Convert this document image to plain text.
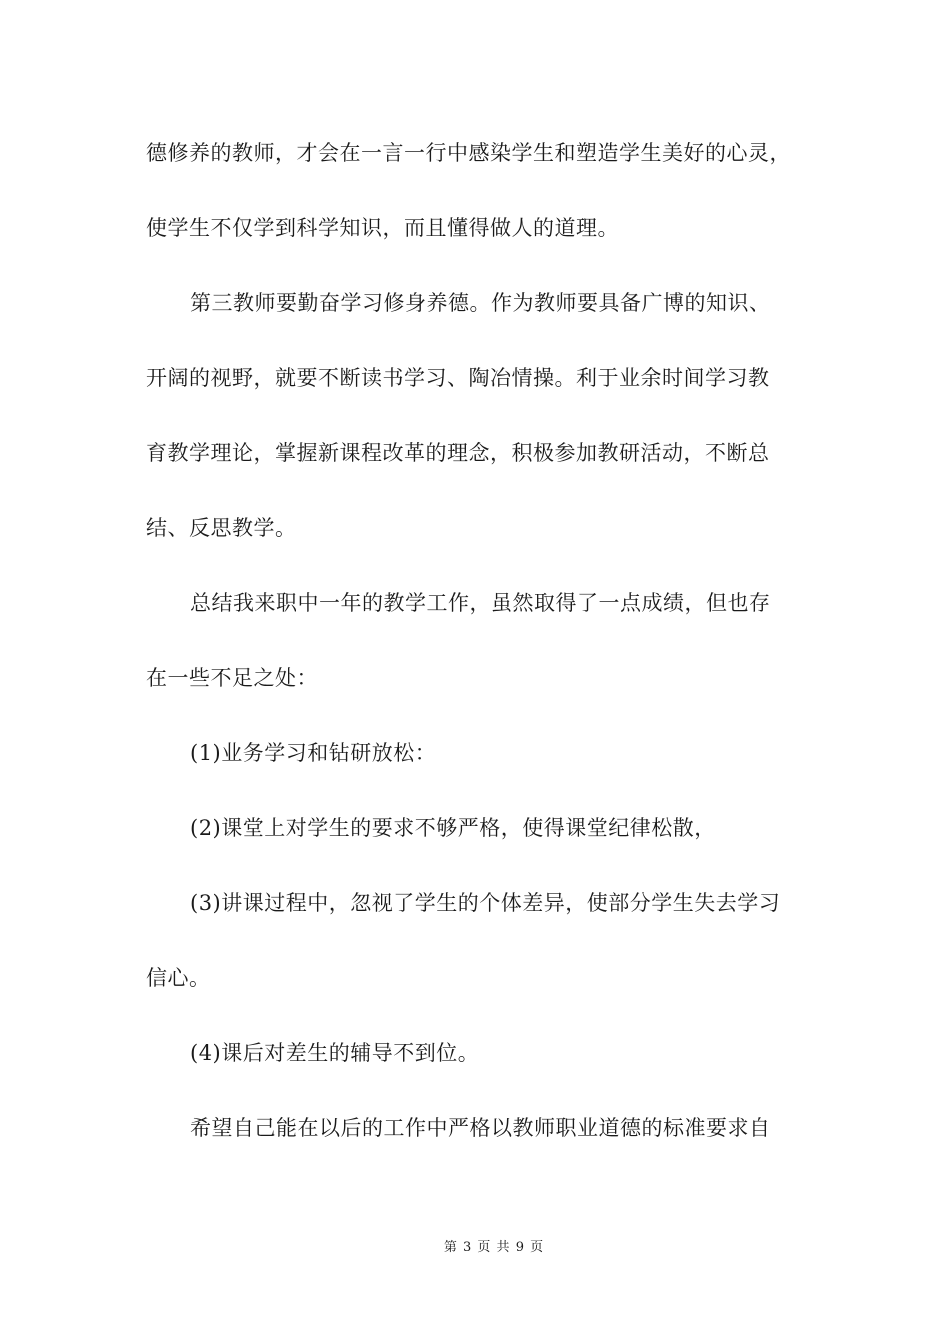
德修养的教师，才会在一言一行中感染学生和塑造学生美好的心灵，
使学生不仅学到科学知识，而且懂得做人的道理。
第三教师要勤奋学习修身养德。作为教师要具备广博的知识、
开阔的视野，就要不断读书学习、陶冶情操。利于业余时间学习教
育教学理论，掌握新课程改革的理念，积极参加教研活动，不断总
结、反思教学。
总结我来职中一年的教学工作，虽然取得了一点成绩，但也存
在一些不足之处：
(1)业务学习和钻研放松：
(2)课堂上对学生的要求不够严格，使得课堂纪律松散，
(3)讲课过程中，忽视了学生的个体差异，使部分学生失去学习
信心。
(4)课后对差生的辅导不到位。
希望自己能在以后的工作中严格以教师职业道德的标准要求自
第 3 页 共 9 页
